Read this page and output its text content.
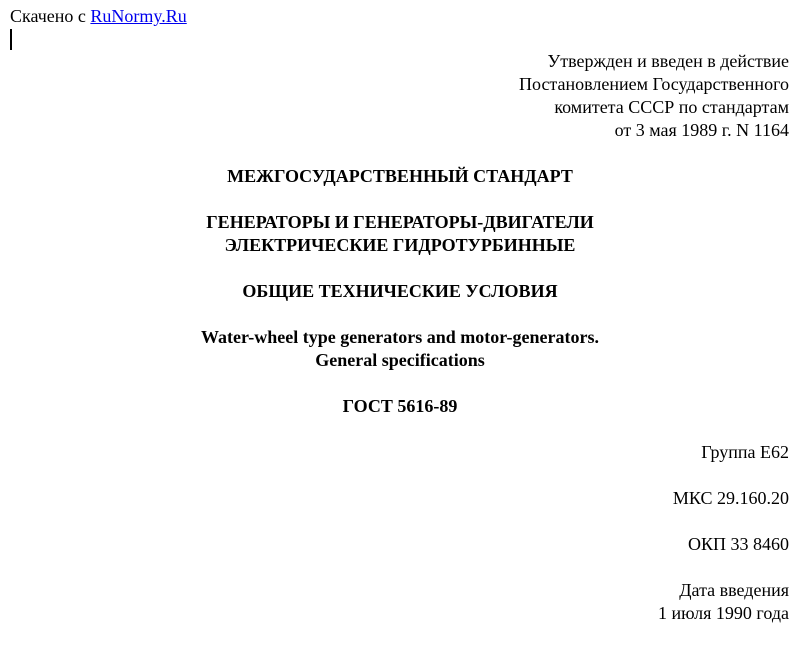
Скачено с RuNormy.Ru
Утвержден и введен в действие
Постановлением Государственного
комитета СССР по стандартам
от 3 мая 1989 г. N 1164
МЕЖГОСУДАРСТВЕННЫЙ СТАНДАРТ
ГЕНЕРАТОРЫ И ГЕНЕРАТОРЫ-ДВИГАТЕЛИ
ЭЛЕКТРИЧЕСКИЕ ГИДРОТУРБИННЫЕ
ОБЩИЕ ТЕХНИЧЕСКИЕ УСЛОВИЯ
Water-wheel type generators and motor-generators.
General specifications
ГОСТ 5616-89
Группа Е62
МКС 29.160.20
ОКП 33 8460
Дата введения
1 июля 1990 года
